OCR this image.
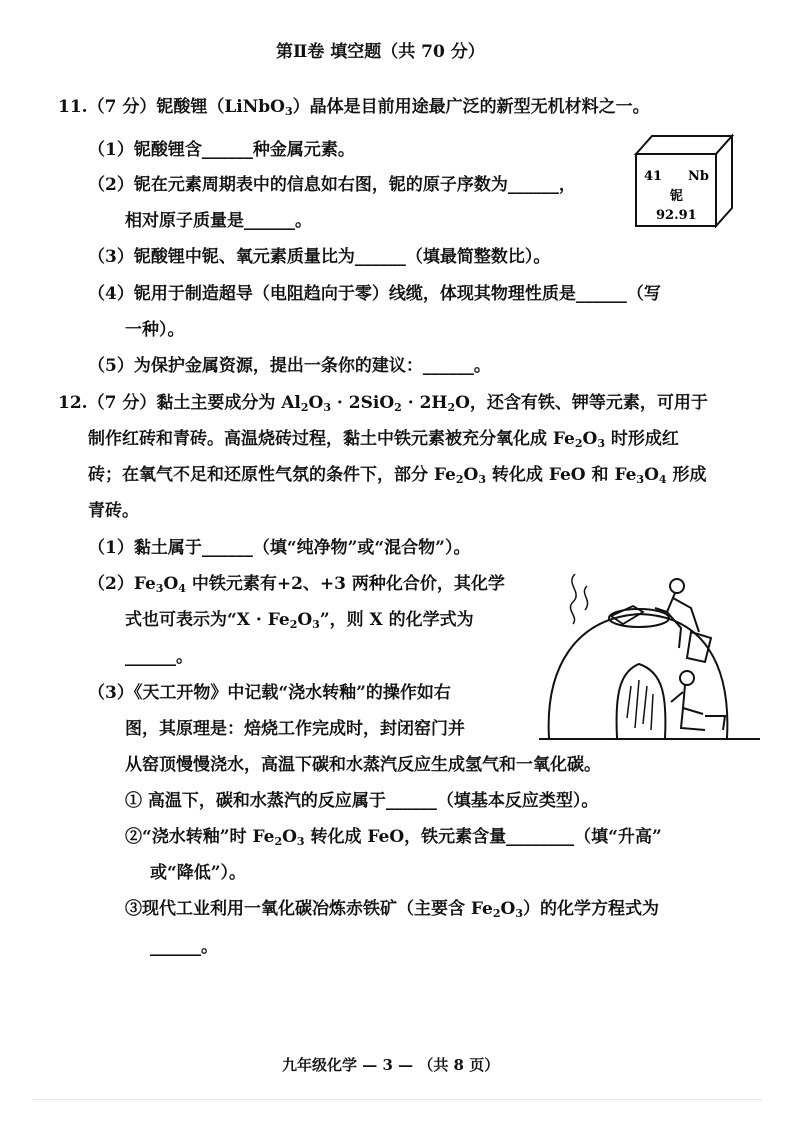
第Ⅱ卷 填空题（共 70 分）
11.（7 分）铌酸锂（LiNbO$_3$）晶体是目前用途最广泛的新型无机材料之一。
（1）铌酸锂含______种金属元素。
（2）铌在元素周期表中的信息如右图，铌的原子序数为______，
相对原子质量是______。
41 Nb
铌
92.91
（3）铌酸锂中铌、氧元素质量比为______（填最简整数比）。
（4）铌用于制造超导（电阻趋向于零）线缆，体现其物理性质是______（写
一种）。
（5）为保护金属资源，提出一条你的建议：______。
12.（7 分）黏土主要成分为 $Al_2O_3 \cdot 2SiO_2 \cdot 2H_2O$，还含有铁、钾等元素，可用于
制作红砖和青砖。高温烧砖过程，黏土中铁元素被充分氧化成 $Fe_2O_3$ 时形成红
砖；在氧气不足和还原性气氛的条件下，部分 $Fe_2O_3$ 转化成 FeO 和 $Fe_3O_4$ 形成
青砖。
（1）黏土属于______（填“纯净物”或“混合物”）。
$(2)Fe_3O_4$ 中铁元素有+2、+3 两种化合价，其化学
式也可表示为“$X \cdot Fe_2O_3$”，则 X 的化学式为
______。
（3）《天工开物》中记载“浇水转釉”的操作如右
图，其原理是：焙烧工作完成时，封闭窑门并
从窑顶慢慢浇水，高温下碳和水蒸汽反应生成氢气和一氧化碳。
① 高温下，碳和水蒸汽的反应属于______（填基本反应类型）。
②“浇水转釉”时 $Fe_2O_3$ 转化成 FeO，铁元素含量________（填“升高”
或“降低”）。
③现代工业利用一氧化碳冶炼赤铁矿（主要含 $Fe_2O_3$）的化学方程式为
______。
九年级化学 — 3 — （共 8 页）
